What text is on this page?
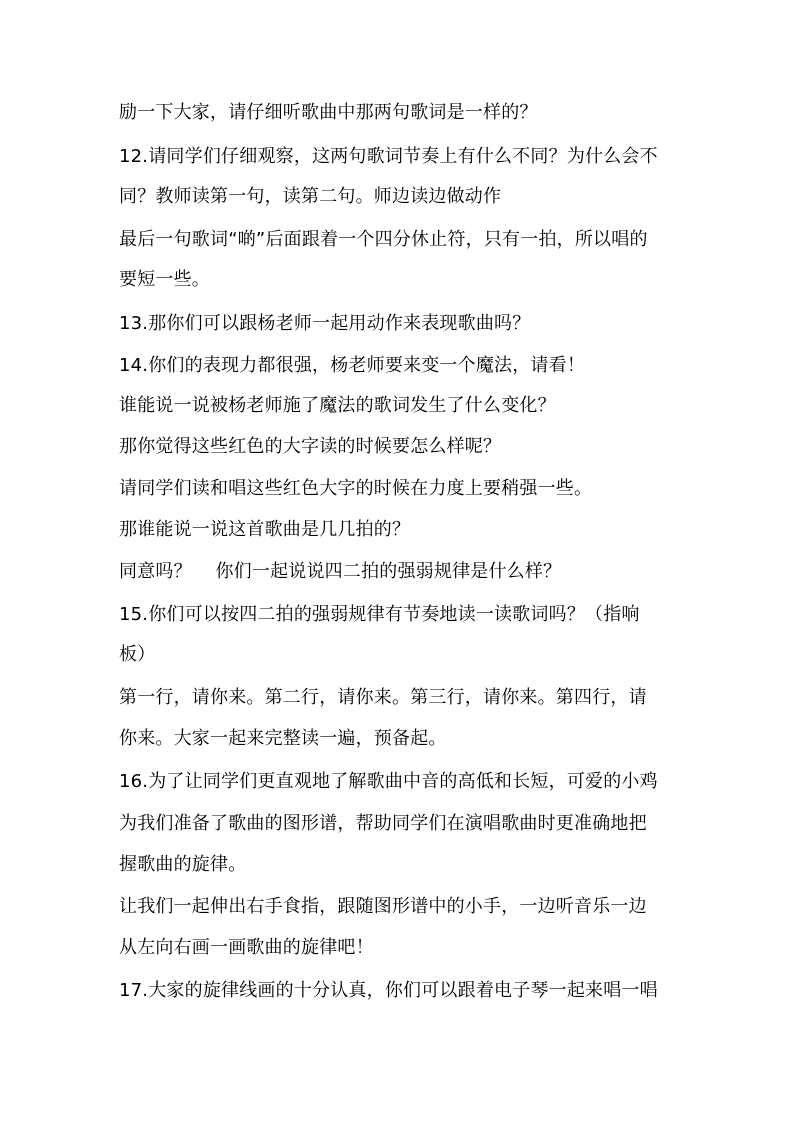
励一下大家，请仔细听歌曲中那两句歌词是一样的？
12.请同学们仔细观察，这两句歌词节奏上有什么不同？为什么会不
同？教师读第一句，读第二句。师边读边做动作
最后一句歌词“啲”后面跟着一个四分休止符，只有一拍，所以唱的
要短一些。
13.那你们可以跟杨老师一起用动作来表现歌曲吗？
14.你们的表现力都很强，杨老师要来变一个魔法，请看！
谁能说一说被杨老师施了魔法的歌词发生了什么变化？
那你觉得这些红色的大字读的时候要怎么样呢？
请同学们读和唱这些红色大字的时候在力度上要稍强一些。
那谁能说一说这首歌曲是几几拍的？
同意吗？    你们一起说说四二拍的强弱规律是什么样？
15.你们可以按四二拍的强弱规律有节奏地读一读歌词吗？（指响
板）
第一行，请你来。第二行，请你来。第三行，请你来。第四行，请
你来。大家一起来完整读一遍，预备起。
16.为了让同学们更直观地了解歌曲中音的高低和长短，可爱的小鸡
为我们准备了歌曲的图形谱，帮助同学们在演唱歌曲时更准确地把
握歌曲的旋律。
让我们一起伸出右手食指，跟随图形谱中的小手，一边听音乐一边
从左向右画一画歌曲的旋律吧！
17.大家的旋律线画的十分认真，你们可以跟着电子琴一起来唱一唱
